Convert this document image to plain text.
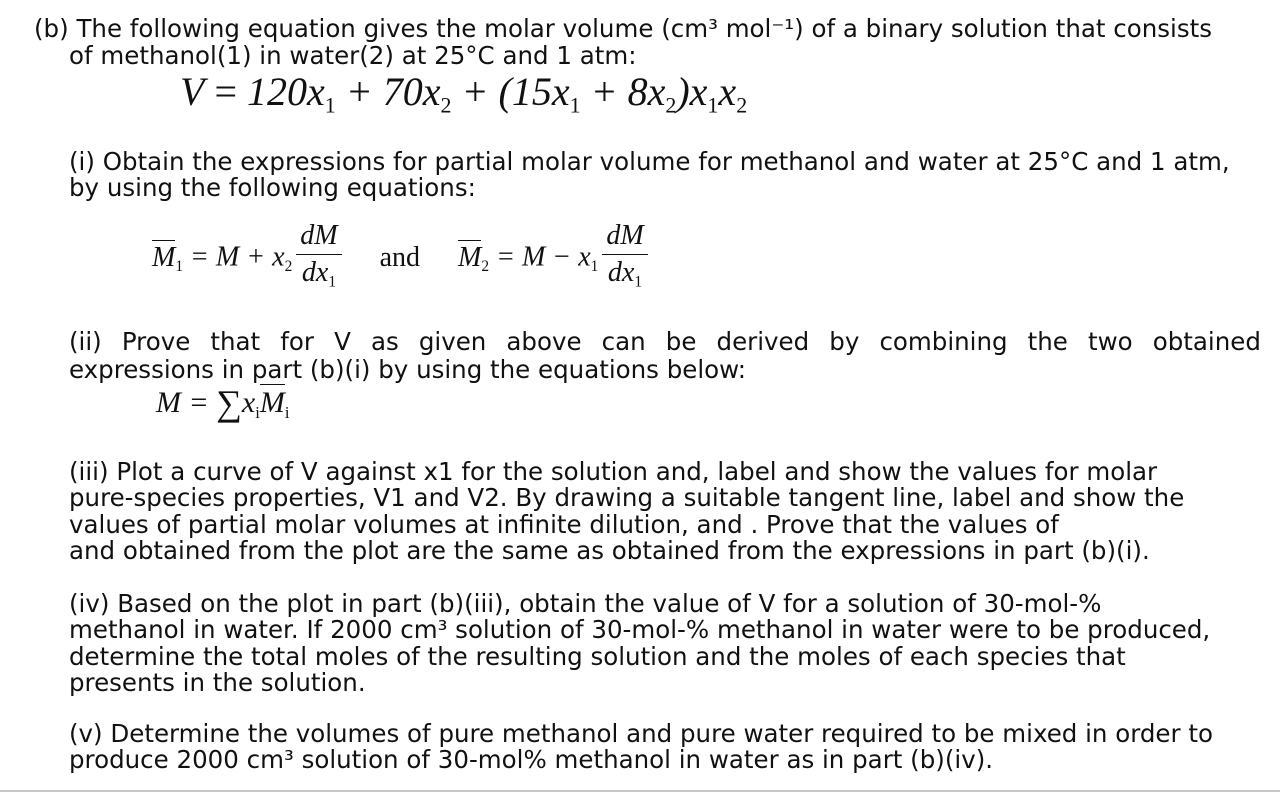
(b) The following equation gives the molar volume (cm³ mol⁻¹) of a binary solution that consists
of methanol(1) in water(2) at 25°C and 1 atm:
$V = 120x_1 + 70x_2 + (15x_1 + 8x_2)x_1x_2$
(i) Obtain the expressions for partial molar volume for methanol and water at 25°C and 1 atm,
by using the following equations:
$M_1 = M + x_2 \frac{dM}{dx_1}$ and $M_2 = M - x_1 \frac{dM}{dx_1}$
(ii) Prove that for V as given above can be derived by combining the two obtained
expressions in part (b)(i) by using the equations below:
$M = \sum x_iM_i$
(iii) Plot a curve of V against x1 for the solution and, label and show the values for molar
pure-species properties, V1 and V2. By drawing a suitable tangent line, label and show the
values of partial molar volumes at infinite dilution, and . Prove that the values of
and obtained from the plot are the same as obtained from the expressions in part (b)(i).
(iv) Based on the plot in part (b)(iii), obtain the value of V for a solution of 30-mol-%
methanol in water. If 2000 cm³ solution of 30-mol-% methanol in water were to be produced,
determine the total moles of the resulting solution and the moles of each species that
presents in the solution.
(v) Determine the volumes of pure methanol and pure water required to be mixed in order to
produce 2000 cm³ solution of 30-mol% methanol in water as in part (b)(iv).
